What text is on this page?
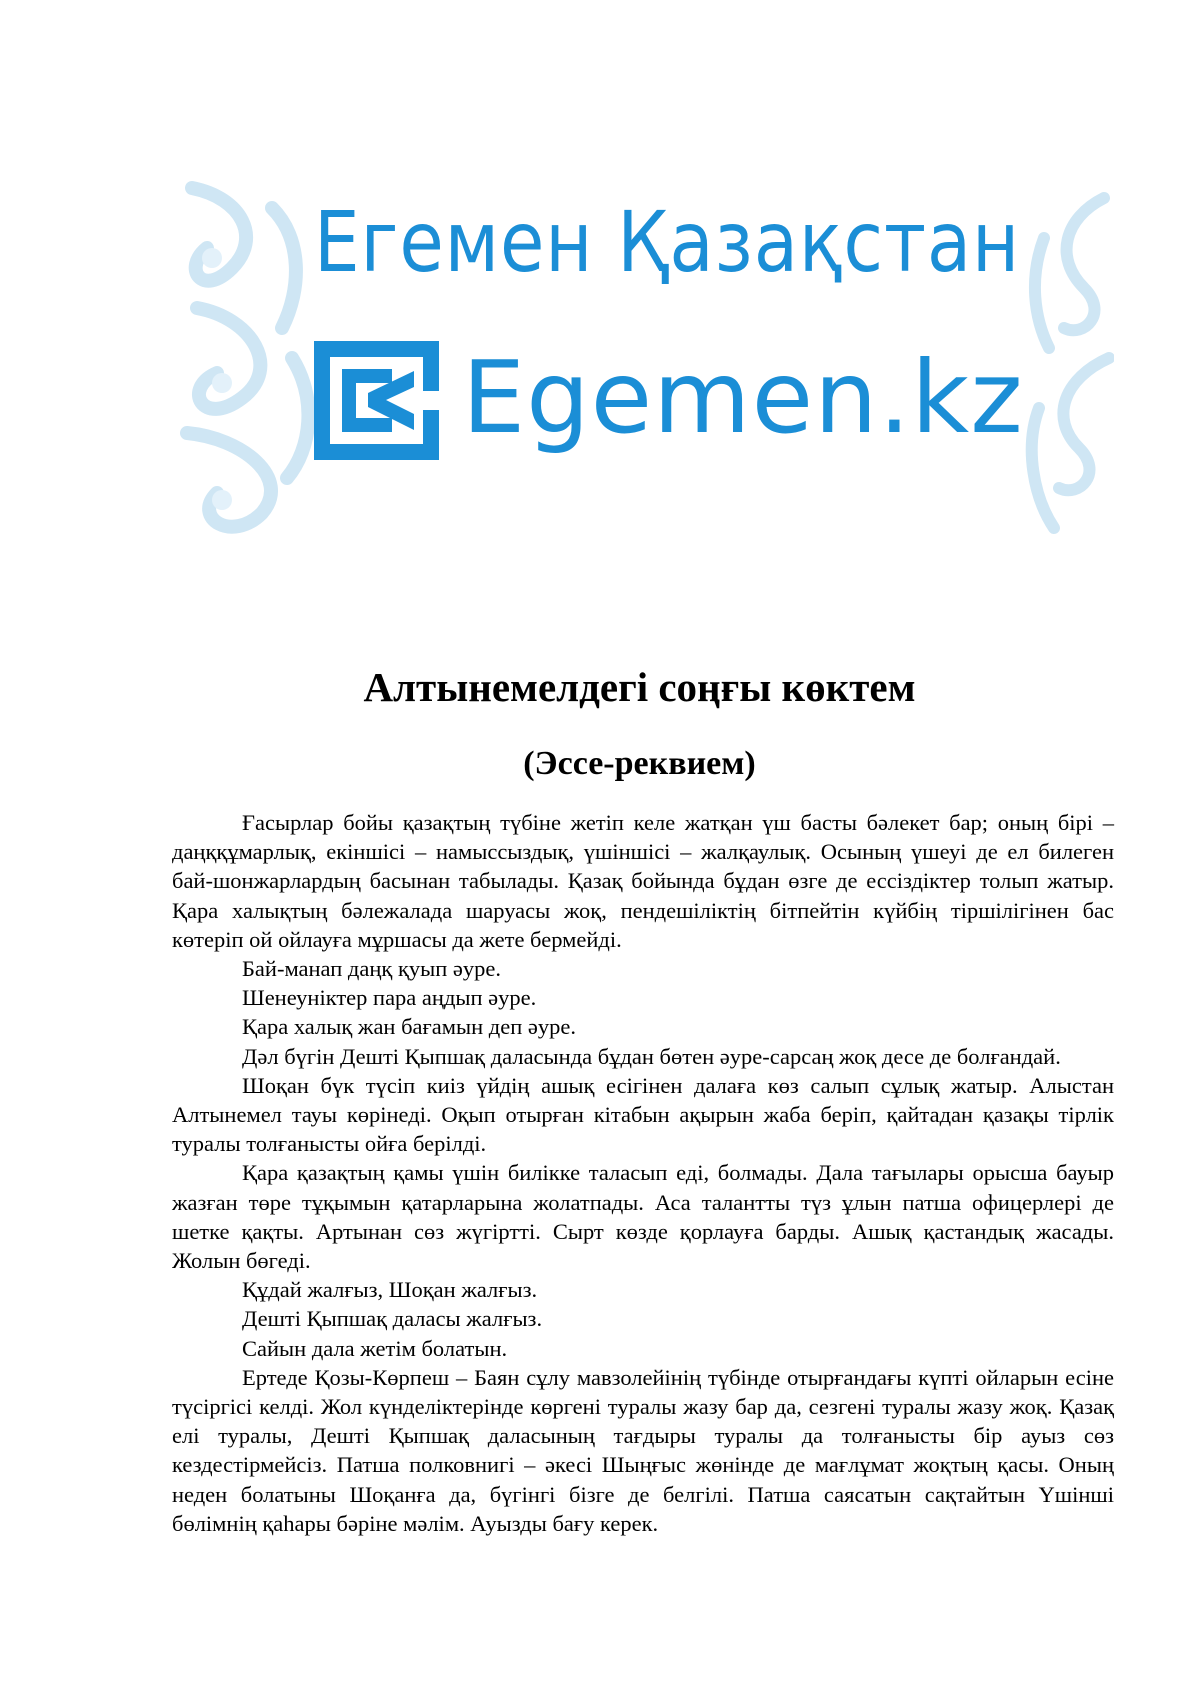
Егемен Қазақстан
Egemen.kz
Алтынемелдегі соңғы көктем
(Эссе-реквием)

Ғасырлар бойы қазақтың түбіне жетіп келе жатқан үш басты бәлекет бар; оның бірі – даңққұмарлық, екіншісі – намыссыздық, үшіншісі – жалқаулық. Осының үшеуі де ел билеген бай-шонжарлардың басынан табылады. Қазақ бойында бұдан өзге де ессіздіктер толып жатыр. Қара халықтың бәлежалада шаруасы жоқ, пендешіліктің бітпейтін күйбің тіршілігінен бас көтеріп ой ойлауға мұршасы да жете бермейді.

Бай-манап даңқ қуып әуре.

Шенеуніктер пара аңдып әуре.

Қара халық жан бағамын деп әуре.

Дәл бүгін Дешті Қыпшақ даласында бұдан бөтен әуре-сарсаң жоқ десе де болғандай.

Шоқан бүк түсіп киіз үйдің ашық есігінен далаға көз салып сұлық жатыр. Алыстан Алтынемел тауы көрінеді. Оқып отырған кітабын ақырын жаба беріп, қайтадан қазақы тірлік туралы толғанысты ойға берілді.

Қара қазақтың қамы үшін билікке таласып еді, болмады. Дала тағылары орысша бауыр жазған төре тұқымын қатарларына жолатпады. Аса талантты түз ұлын патша офицерлері де шетке қақты. Артынан сөз жүгіртті. Сырт көзде қорлауға барды. Ашық қастандық жасады. Жолын бөгеді.

Құдай жалғыз, Шоқан жалғыз.

Дешті Қыпшақ даласы жалғыз.

Сайын дала жетім болатын.

Ертеде Қозы-Көрпеш – Баян сұлу мавзолейінің түбінде отырғандағы күпті ойларын есіне түсіргісі келді. Жол күнделіктерінде көргені туралы жазу бар да, сезгені туралы жазу жоқ. Қазақ елі туралы, Дешті Қыпшақ даласының тағдыры туралы да толғанысты бір ауыз сөз кездестірмейсіз. Патша полковнигі – әкесі Шыңғыс жөнінде де мағлұмат жоқтың қасы. Оның неден болатыны Шоқанға да, бүгінгі бізге де белгілі. Патша саясатын сақтайтын Үшінші бөлімнің қаһары бәріне мәлім. Ауызды бағу керек.
